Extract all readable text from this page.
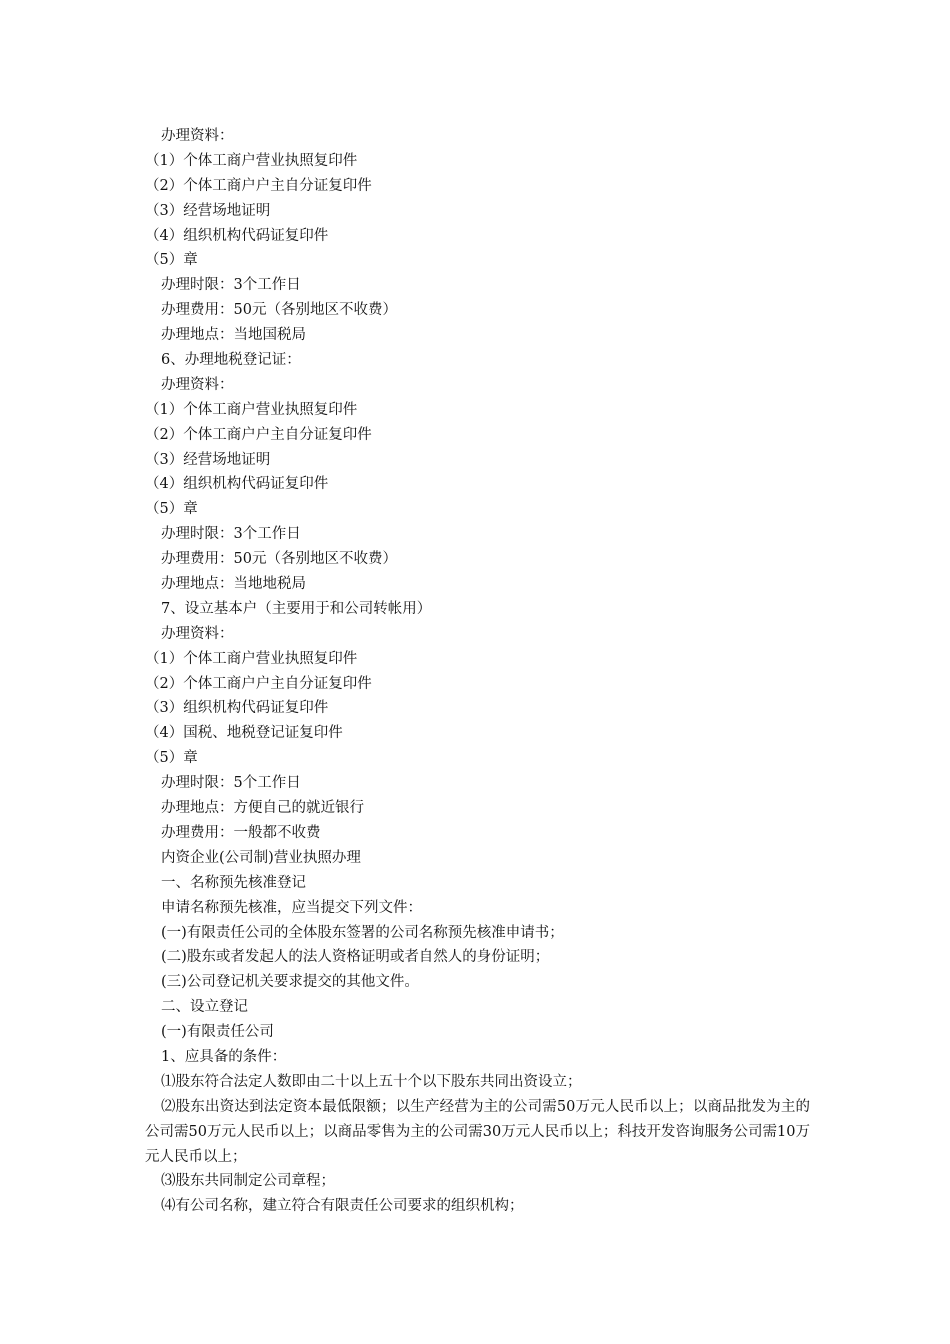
办理资料：
（1）个体工商户营业执照复印件
（2）个体工商户户主自分证复印件
（3）经营场地证明
（4）组织机构代码证复印件
（5）章
办理时限：3个工作日
办理费用：50元（各别地区不收费）
办理地点：当地国税局
6、办理地税登记证：
办理资料：
（1）个体工商户营业执照复印件
（2）个体工商户户主自分证复印件
（3）经营场地证明
（4）组织机构代码证复印件
（5）章
办理时限：3个工作日
办理费用：50元（各别地区不收费）
办理地点：当地地税局
7、设立基本户（主要用于和公司转帐用）
办理资料：
（1）个体工商户营业执照复印件
（2）个体工商户户主自分证复印件
（3）组织机构代码证复印件
（4）国税、地税登记证复印件
（5）章
办理时限：5个工作日
办理地点：方便自己的就近银行
办理费用：一般都不收费
内资企业(公司制)营业执照办理
一、名称预先核准登记
申请名称预先核准，应当提交下列文件：
(一)有限责任公司的全体股东签署的公司名称预先核准申请书；
(二)股东或者发起人的法人资格证明或者自然人的身份证明；
(三)公司登记机关要求提交的其他文件。
二、设立登记
(一)有限责任公司
1、应具备的条件：
⑴股东符合法定人数即由二十以上五十个以下股东共同出资设立；
⑵股东出资达到法定资本最低限额；以生产经营为主的公司需50万元人民币以上；以商品批发为主的公司需50万元人民币以上；以商品零售为主的公司需30万元人民币以上；科技开发咨询服务公司需10万元人民币以上；
⑶股东共同制定公司章程；
⑷有公司名称，建立符合有限责任公司要求的组织机构；
